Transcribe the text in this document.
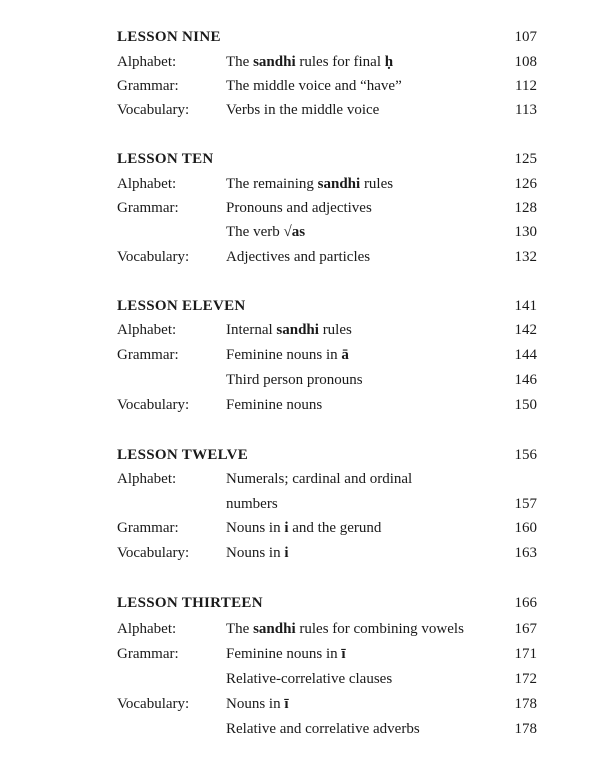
LESSON NINE	107
Alphabet:	The sandhi rules for final ḥ	108
Grammar:	The middle voice and “have”	112
Vocabulary: Verbs in the middle voice	113
LESSON TEN	125
Alphabet:	The remaining sandhi rules	126
Grammar:	Pronouns and adjectives	128
The verb √as	130
Vocabulary: Adjectives and particles	132
LESSON ELEVEN	141
Alphabet:	Internal sandhi rules	142
Grammar:	Feminine nouns in ā	144
Third person pronouns	146
Vocabulary: Feminine nouns	150
LESSON TWELVE	156
Alphabet:	Numerals; cardinal and ordinal
numbers	157
Grammar:	Nouns in i and the gerund	160
Vocabulary: Nouns in i	163
LESSON THIRTEEN	166
Alphabet:	The sandhi rules for combining vowels	167
Grammar:	Feminine nouns in ī	171
Relative-correlative clauses	172
Vocabulary: Nouns in ī	178
Relative and correlative adverbs	178
